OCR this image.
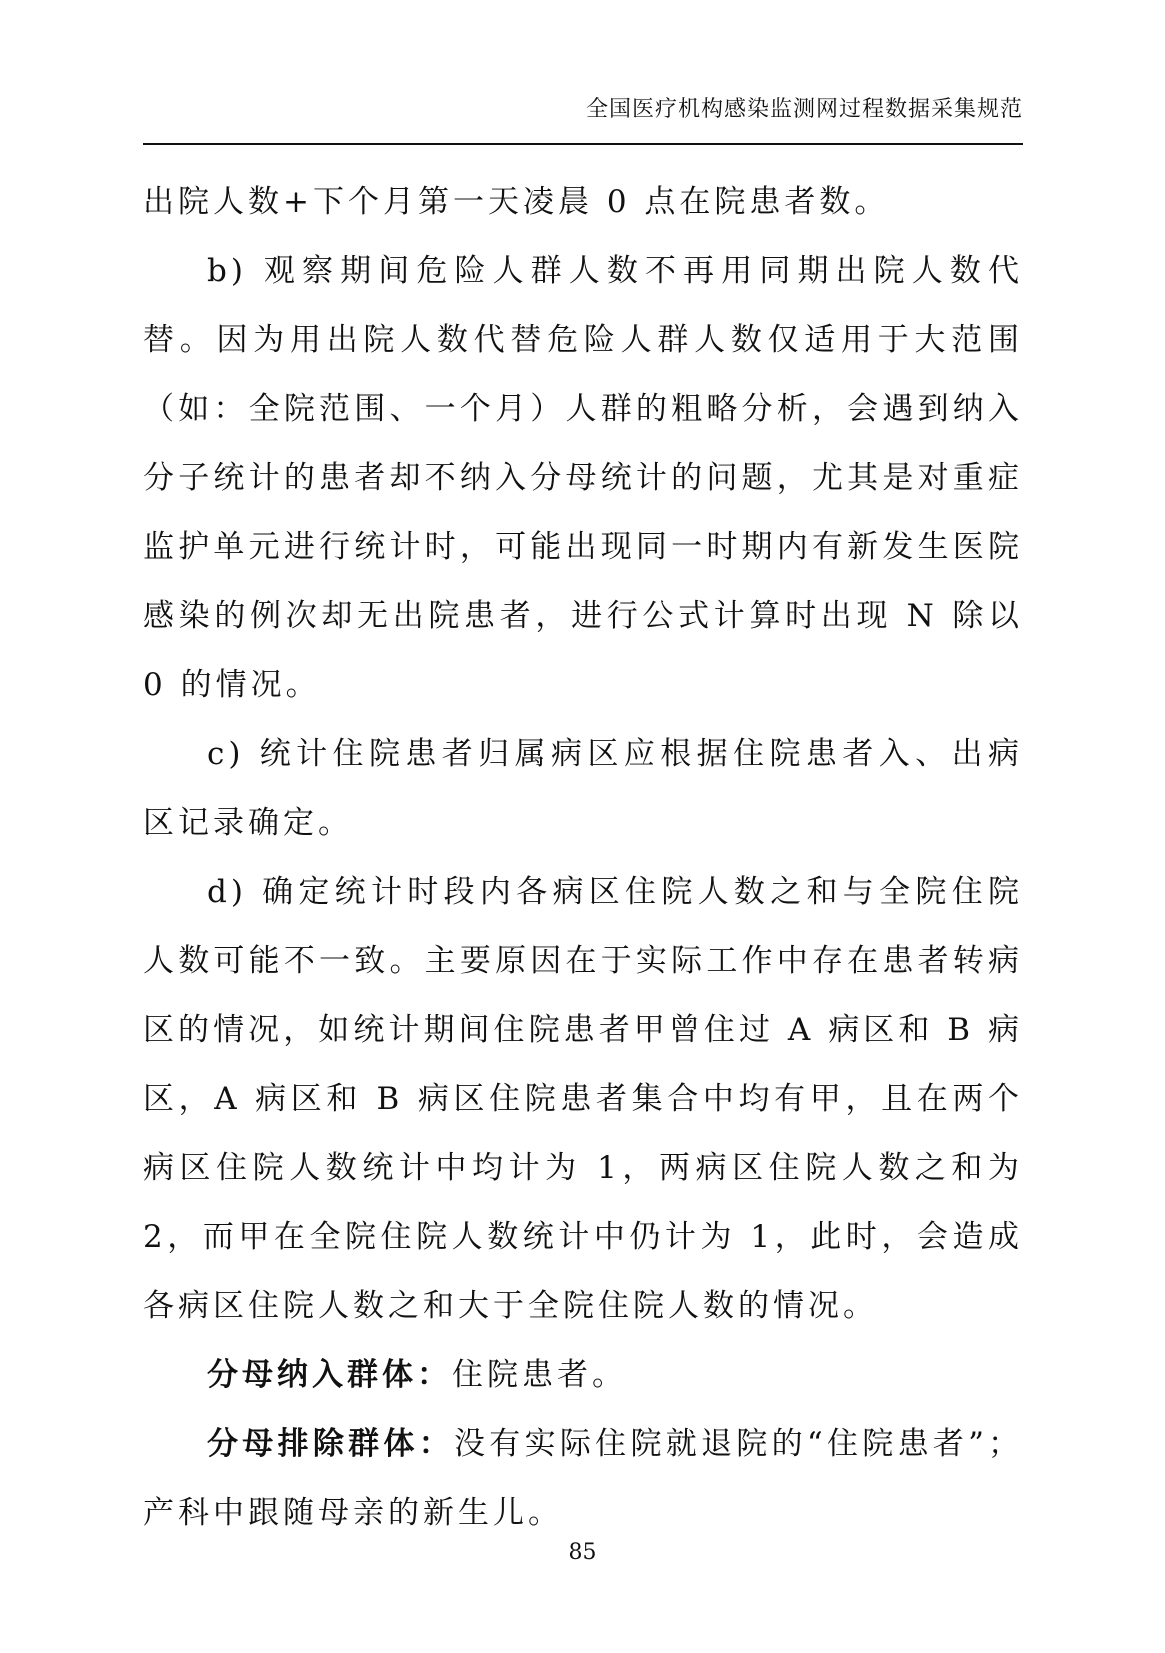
全国医疗机构感染监测网过程数据采集规范

出院人数+下个月第一天凌晨 0 点在院患者数。

b) 观察期间危险人群人数不再用同期出院人数代替。因为用出院人数代替危险人群人数仅适用于大范围（如：全院范围、一个月）人群的粗略分析，会遇到纳入分子统计的患者却不纳入分母统计的问题，尤其是对重症监护单元进行统计时，可能出现同一时期内有新发生医院感染的例次却无出院患者，进行公式计算时出现 N 除以 0 的情况。

c) 统计住院患者归属病区应根据住院患者入、出病区记录确定。

d) 确定统计时段内各病区住院人数之和与全院住院人数可能不一致。主要原因在于实际工作中存在患者转病区的情况，如统计期间住院患者甲曾住过 A 病区和 B 病区，A 病区和 B 病区住院患者集合中均有甲，且在两个病区住院人数统计中均计为 1，两病区住院人数之和为 2，而甲在全院住院人数统计中仍计为 1，此时，会造成各病区住院人数之和大于全院住院人数的情况。

分母纳入群体：住院患者。

分母排除群体：没有实际住院就退院的“住院患者”；产科中跟随母亲的新生儿。

85
